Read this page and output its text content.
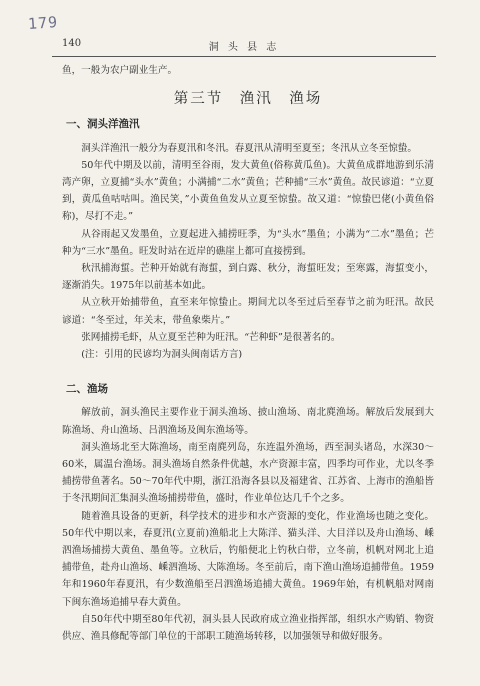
179
140	洞 头 县 志

鱼，一般为农户副业生产。

第三节　渔汛　渔场
一、洞头洋渔汛

洞头洋渔汛一般分为春夏汛和冬汛。春夏汛从清明至夏至；冬汛从立冬至惊蛰。

50年代中期及以前，清明至谷雨，发大黄鱼(俗称黄瓜鱼)。大黄鱼成群地游到乐清湾产卵，立夏捕“头水”黄鱼；小满捕“二水”黄鱼；芒种捕“三水”黄鱼。故民谚道：“立夏到，黄瓜鱼咕咕叫。渔民笑，”小黄鱼鱼发从立夏至惊蛰。故又道：“惊蛰巴佬(小黄鱼俗称)，尽打不走。”

从谷雨起又发墨鱼，立夏起进入捕捞旺季，为“头水”墨鱼；小满为“二水”墨鱼；芒种为“三水”墨鱼。旺发时站在近岸的礁崖上都可直接捞到。

秋汛捕海蜇。芒种开始就有海蜇，到白露、秋分，海蜇旺发；至寒露，海蜇变小，逐渐消失。1975年以前基本如此。

从立秋开始捕带鱼，直至来年惊蛰止。期间尤以冬至过后至春节之前为旺汛。故民谚道：“冬至过，年关末，带鱼象柴片。”

张网捕捞毛虾，从立夏至芒种为旺汛。“芒种虾”是很著名的。

(注：引用的民谚均为洞头闽南话方言)

二、渔场

解放前，洞头渔民主要作业于洞头渔场、披山渔场、南北麂渔场。解放后发展到大陈渔场、舟山渔场、吕泗渔场及闽东渔场等。

洞头渔场北至大陈渔场，南至南麂列岛，东连温外渔场，西至洞头诸岛，水深30～60米，属温台渔场。洞头渔场自然条件优越，水产资源丰富，四季均可作业，尤以冬季捕捞带鱼著名。50～70年代中期，浙江沿海各县以及福建省、江苏省、上海市的渔船皆于冬汛期间汇集洞头渔场捕捞带鱼，盛时，作业单位达几千个之多。

随着渔具设备的更新，科学技术的进步和水产资源的变化，作业渔场也随之变化。50年代中期以来，春夏汛(立夏前)渔船北上大陈洋、猫头洋、大目洋以及舟山渔场、嵊泗渔场捕捞大黄鱼、墨鱼等。立秋后，钓船便北上钓秋白带，立冬前，机帆对网北上追捕带鱼，赴舟山渔场、嵊泗渔场、大陈渔场。冬至前后，南下渔山渔场追捕带鱼。1959年和1960年春夏汛，有少数渔船至吕泗渔场追捕大黄鱼。1969年始，有机帆船对网南下闽东渔场追捕早春大黄鱼。

自50年代中期至80年代初，洞头县人民政府成立渔业指挥部，组织水产购销、物资供应、渔具修配等部门单位的干部职工随渔场转移，以加强领导和做好服务。
